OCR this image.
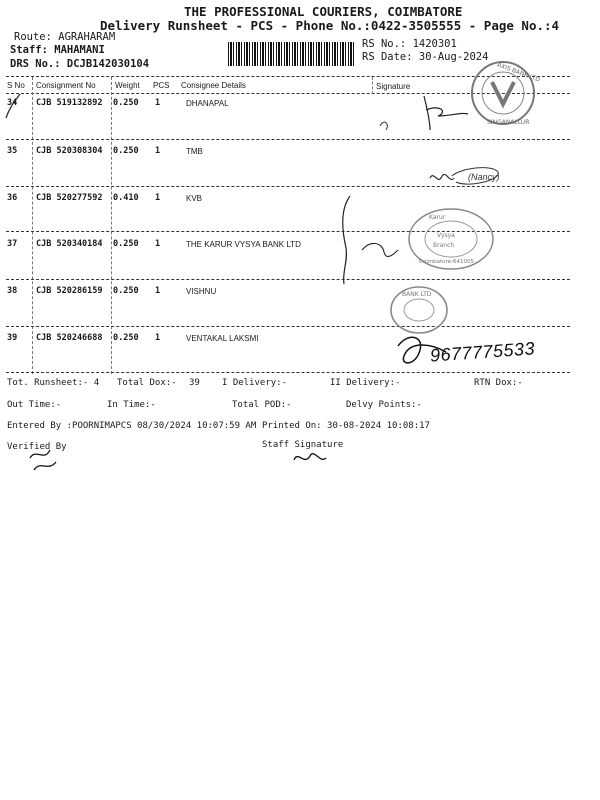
THE PROFESSIONAL COURIERS, COIMBATORE
Delivery Runsheet - PCS - Phone No.:0422-3505555 - Page No.:4
Route: AGRAHARAM
Staff: MAHAMANI
DRS No.: DCJB142030104
RS No.: 1420301
RS Date: 30-Aug-2024
S No Consignment No Weight PCS Consignee Details	Signature
34 CJB 519132892 0.250 1	DHANAPAL
35 CJB 520308304 0.250 1	TMB
36 CJB 520277592 0.410 1	KVB
37 CJB 520340184 0.250 1	THE KARUR VYSYA BANK LTD
38 CJB 520286159 0.250 1	VISHNU
39 CJB 520246688 0.250 1	VENTAKAL LAKSMI
AXIS BANK LTD
SINGANALLUR
Karur
Vysya
Branch
Coimbatore-641005
BANK LTD
(Nancy)
9677775533
Tot. Runsheet:- 4 Total Dox:- 39 I Delivery:-	II Delivery:-	RTN Dox:-
Out Time:-	In Time:-	Total POD:-	Delvy Points:-
Entered By :POORNIMAPCS 08/30/2024 10:07:59 AM Printed On: 30-08-2024 10:08:17
Verified By	Staff Signature
